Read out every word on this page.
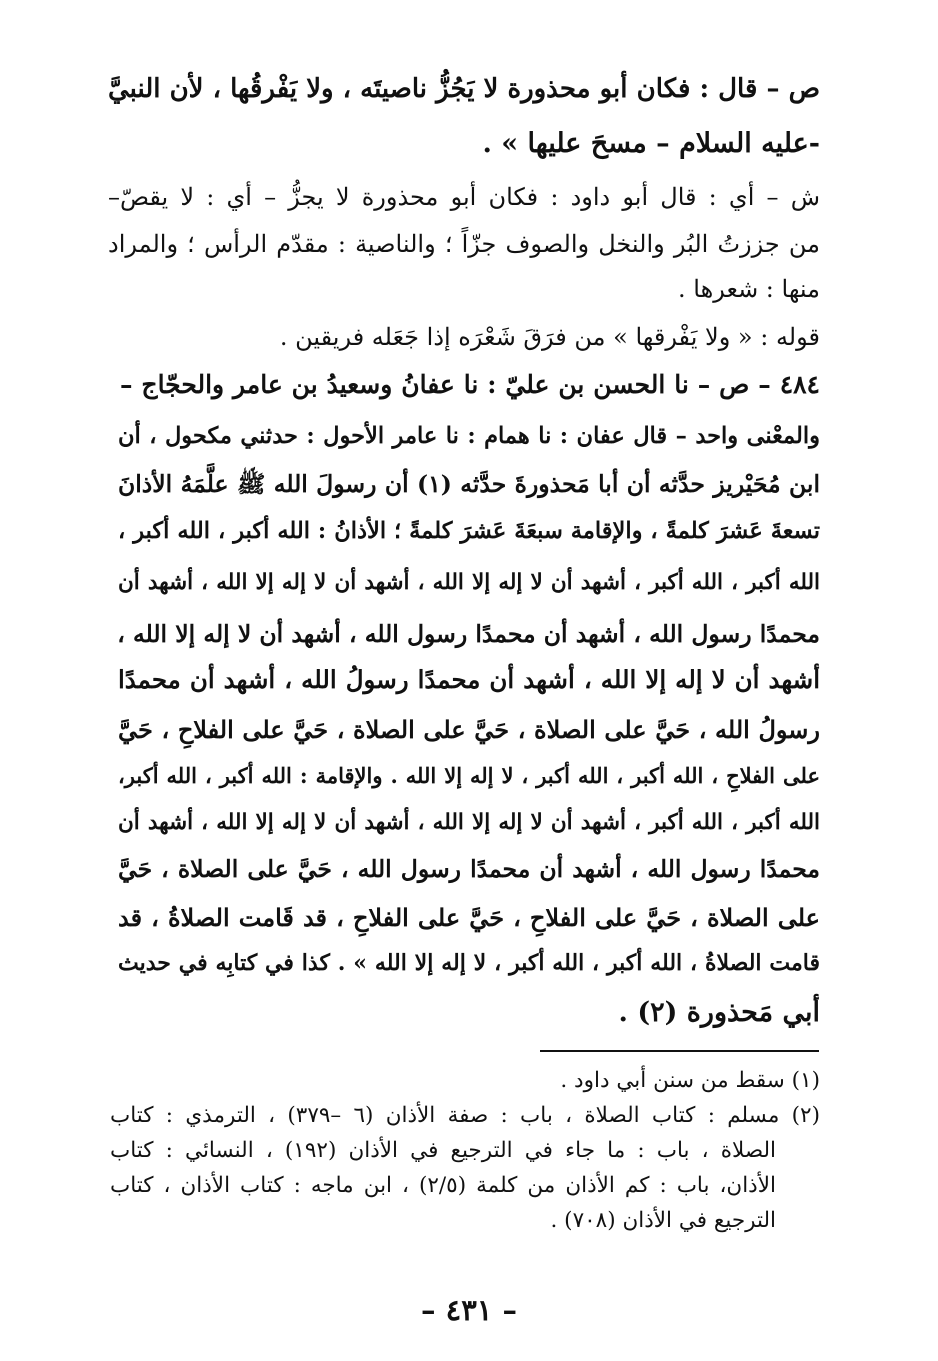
ص – قال : فكان أبو محذورة لا يَجُزُّ ناصيتَه ، ولا يَفْرقُها ، لأن النبيَّ
-عليه السلام – مسحَ عليها » .
ش – أي : قال أبو داود : فكان أبو محذورة لا يجزُّ – أي : لا يقصّ–
من جززتُ البُر والنخل والصوف جزّاً ؛ والناصية : مقدّم الرأس ؛ والمراد
منها : شعرها .
قوله : « ولا يَفْرقها » من فرَقَ شَعْرَه إذا جَعَله فريقين .
٤٨٤ – ص – نا الحسن بن عليّ : نا عفانُ وسعيدُ بن عامر والحجّاج –
والمعْنى واحد – قال عفان : نا همام : نا عامر الأحول : حدثني مكحول ، أن
ابن مُحَيْريز حدَّثه أن أبا مَحذورةَ حدَّثه (١) أن رسولَ الله ﷺ علَّمَهُ الأذانَ
تسعةَ عَشرَ كلمةً ، والإقامة سبعَةَ عَشرَ كلمةً ؛ الأذانُ : الله أكبر ، الله أكبر ،
الله أكبر ، الله أكبر ، أشهد أن لا إله إلا الله ، أشهد أن لا إله إلا الله ، أشهد أن
محمدًا رسول الله ، أشهد أن محمدًا رسول الله ، أشهد أن لا إله إلا الله ،
أشهد أن لا إله إلا الله ، أشهد أن محمدًا رسولُ الله ، أشهد أن محمدًا
رسولُ الله ، حَيَّ على الصلاة ، حَيَّ على الصلاة ، حَيَّ على الفلاحِ ، حَيَّ
على الفلاحِ ، الله أكبر ، الله أكبر ، لا إله إلا الله . والإقامة : الله أكبر ، الله أكبر،
الله أكبر ، الله أكبر ، أشهد أن لا إله إلا الله ، أشهد أن لا إله إلا الله ، أشهد أن
محمدًا رسول الله ، أشهد أن محمدًا رسول الله ، حَيَّ على الصلاة ، حَيَّ
على الصلاة ، حَيَّ على الفلاحِ ، حَيَّ على الفلاحِ ، قد قَامت الصلاةُ ، قد
قامت الصلاةُ ، الله أكبر ، الله أكبر ، لا إله إلا الله » . كذا في كتابِه في حديث
أبي مَحذورة (٢) .
(١) سقط من سنن أبي داود .
(٢) مسلم : كتاب الصلاة ، باب : صفة الأذان (٦ –٣٧٩) ، الترمذي : كتاب
الصلاة ، باب : ما جاء في الترجيع في الأذان (١٩٢) ، النسائي : كتاب
الأذان، باب : كم الأذان من كلمة (٢/٥) ، ابن ماجه : كتاب الأذان ، كتاب
الترجيع في الأذان (٧٠٨) .
– ٤٣١ –
